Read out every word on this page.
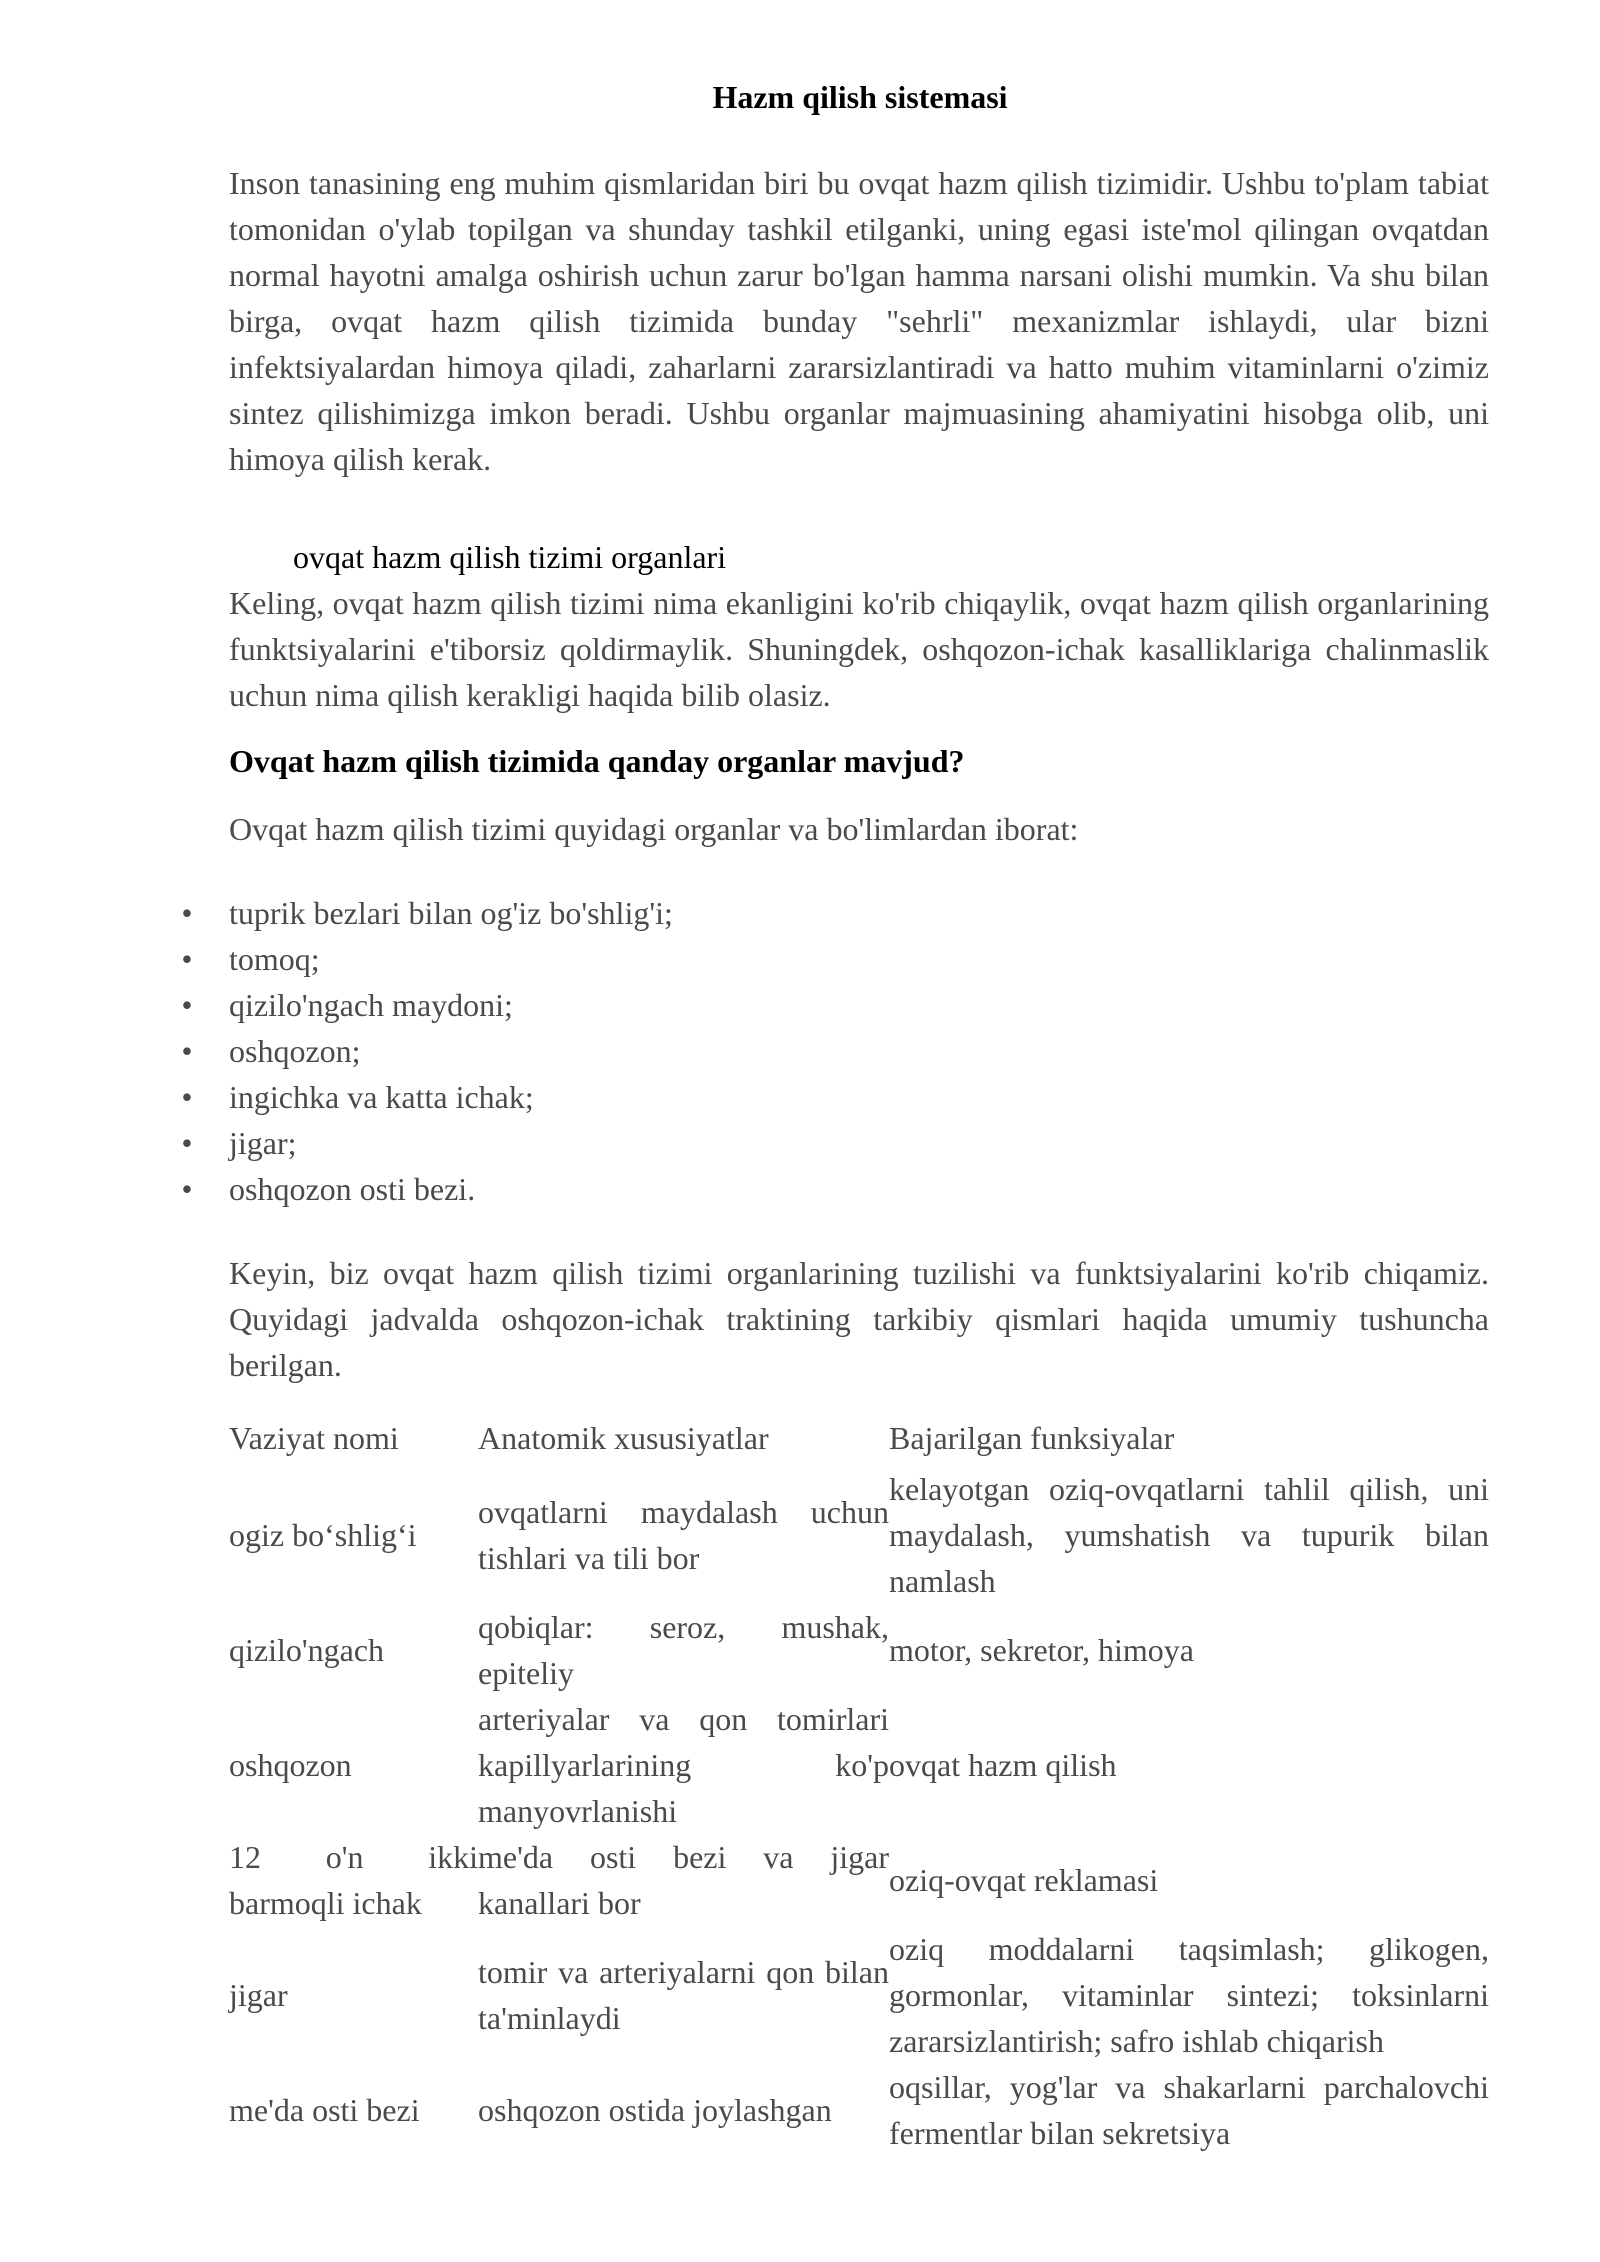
Hazm qilish sistemasi
Inson tanasining eng muhim qismlaridan biri bu ovqat hazm qilish tizimidir. Ushbu to'plam tabiat tomonidan o'ylab topilgan va shunday tashkil etilganki, uning egasi iste'mol qilingan ovqatdan normal hayotni amalga oshirish uchun zarur bo'lgan hamma narsani olishi mumkin. Va shu bilan birga, ovqat hazm qilish tizimida bunday "sehrli" mexanizmlar ishlaydi, ular bizni infektsiyalardan himoya qiladi, zaharlarni zararsizlantiradi va hatto muhim vitaminlarni o'zimiz sintez qilishimizga imkon beradi. Ushbu organlar majmuasining ahamiyatini hisobga olib, uni himoya qilish kerak.
ovqat hazm qilish tizimi organlari
Keling, ovqat hazm qilish tizimi nima ekanligini ko'rib chiqaylik, ovqat hazm qilish organlarining funktsiyalarini e'tiborsiz qoldirmaylik. Shuningdek, oshqozon-ichak kasalliklariga chalinmaslik uchun nima qilish kerakligi haqida bilib olasiz.
Ovqat hazm qilish tizimida qanday organlar mavjud?
Ovqat hazm qilish tizimi quyidagi organlar va bo'limlardan iborat:
• tuprik bezlari bilan og'iz bo'shlig'i;
• tomoq;
• qizilo'ngach maydoni;
• oshqozon;
• ingichka va katta ichak;
• jigar;
• oshqozon osti bezi.
Keyin, biz ovqat hazm qilish tizimi organlarining tuzilishi va funktsiyalarini ko'rib chiqamiz. Quyidagi jadvalda oshqozon-ichak traktining tarkibiy qismlari haqida umumiy tushuncha berilgan.
Vaziyat nomi	Anatomik xususiyatlar	Bajarilgan funksiyalar
ogiz bo‘shlig‘i	ovqatlarni maydalash uchun tishlari va tili bor	kelayotgan oziq-ovqatlarni tahlil qilish, uni maydalash, yumshatish va tupurik bilan namlash
qizilo'ngach	qobiqlar: seroz, mushak, epiteliy	motor, sekretor, himoya
oshqozon	arteriyalar va qon tomirlari kapillyarlarining ko'p manyovrlanishi	ovqat hazm qilish
12 o'n ikki barmoqli ichak	me'da osti bezi va jigar kanallari bor	oziq-ovqat reklamasi
jigar	tomir va arteriyalarni qon bilan ta'minlaydi	oziq moddalarni taqsimlash; glikogen, gormonlar, vitaminlar sintezi; toksinlarni zararsizlantirish; safro ishlab chiqarish
me'da osti bezi	oshqozon ostida joylashgan	oqsillar, yog'lar va shakarlarni parchalovchi fermentlar bilan sekretsiya
